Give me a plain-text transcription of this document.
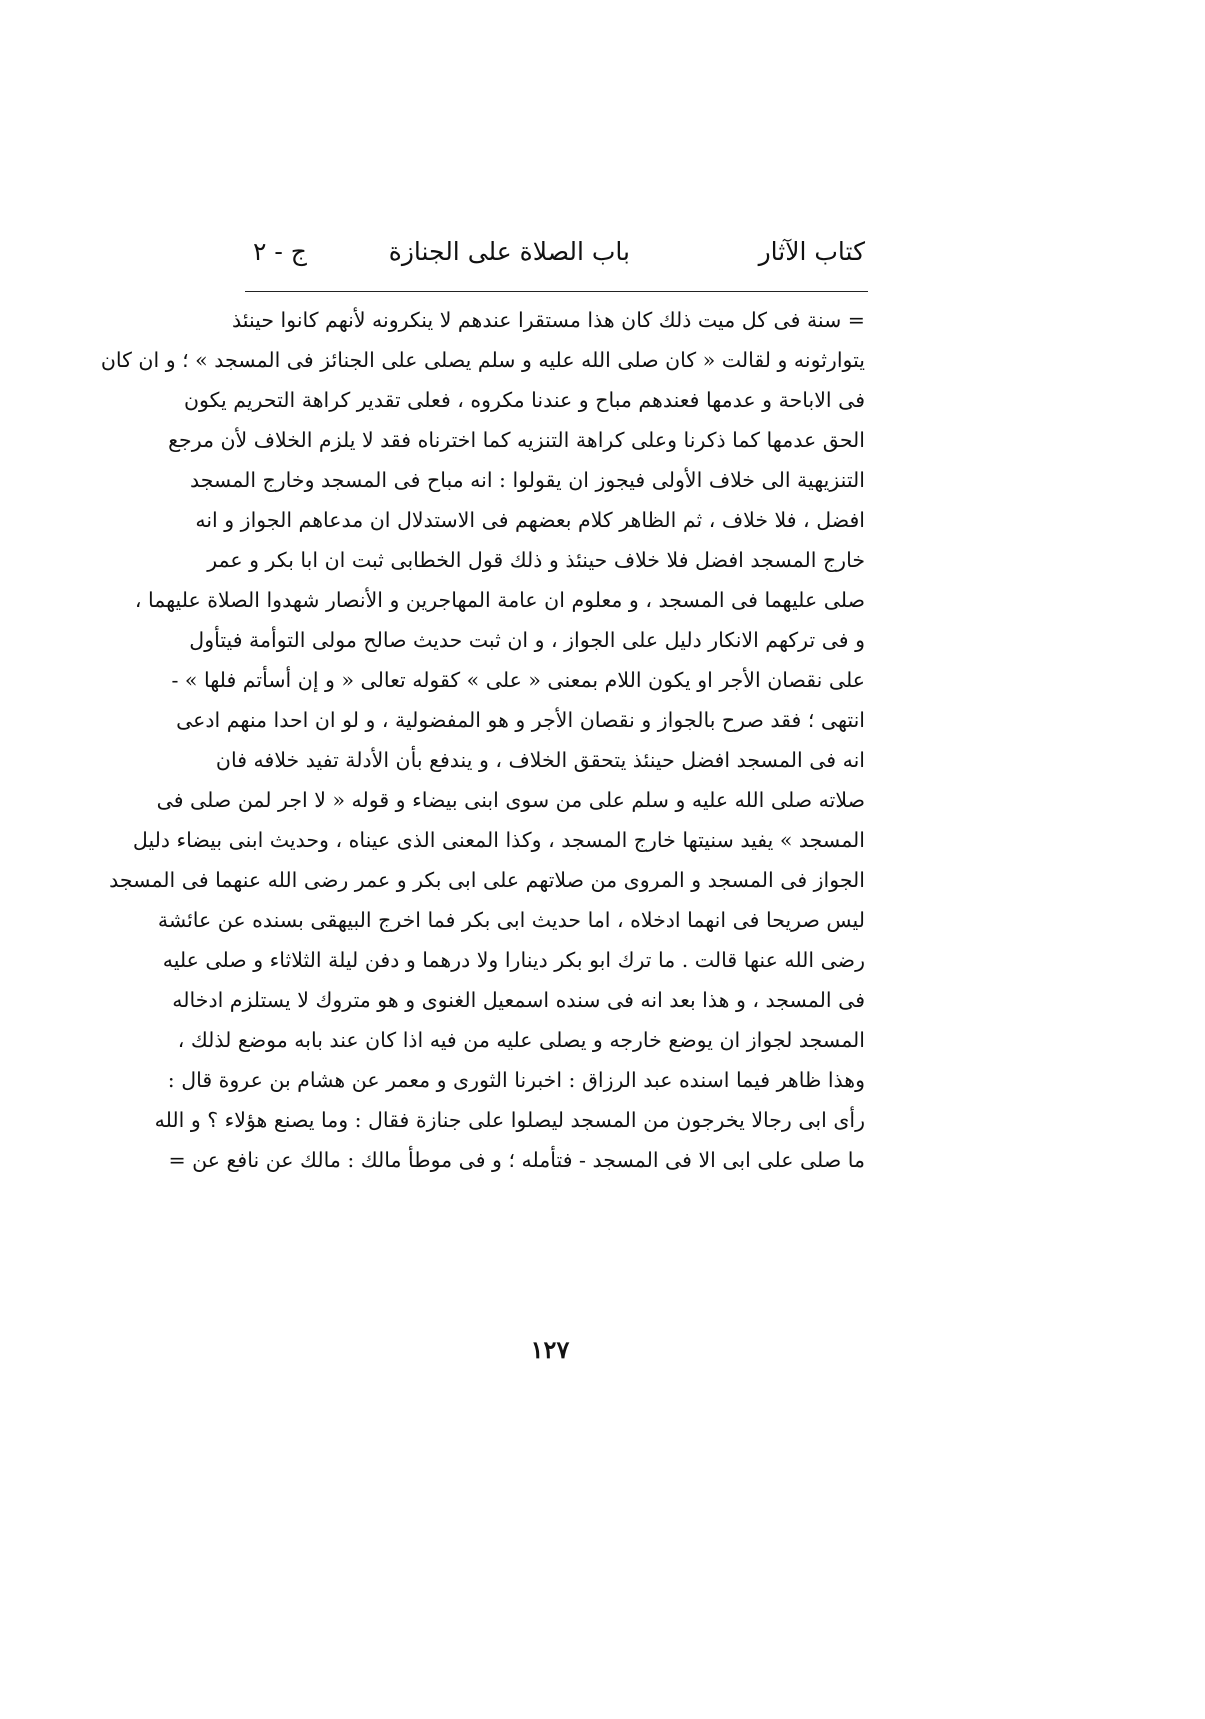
كتاب الآثار
باب الصلاة على الجنازة
ج - ٢
= سنة فى كل ميت ذلك كان هذا مستقرا عندهم لا ينكرونه لأنهم كانوا حينئذ
يتوارثونه و لقالت « كان صلى الله عليه و سلم يصلى على الجنائز فى المسجد » ؛ و ان كان
فى الاباحة و عدمها فعندهم مباح و عندنا مكروه ، فعلى تقدير كراهة التحريم يكون
الحق عدمها كما ذكرنا وعلى كراهة التنزيه كما اخترناه فقد لا يلزم الخلاف لأن مرجع
التنزيهية الى خلاف الأولى فيجوز ان يقولوا : انه مباح فى المسجد وخارج المسجد
افضل ، فلا خلاف ، ثم الظاهر كلام بعضهم فى الاستدلال ان مدعاهم الجواز و انه
خارج المسجد افضل فلا خلاف حينئذ و ذلك قول الخطابى ثبت ان ابا بكر و عمر
صلى عليهما فى المسجد ، و معلوم ان عامة المهاجرين و الأنصار شهدوا الصلاة عليهما ،
و فى تركهم الانكار دليل على الجواز ، و ان ثبت حديث صالح مولى التوأمة فيتأول
على نقصان الأجر او يكون اللام بمعنى « على » كقوله تعالى « و إن أسأتم فلها » -
انتهى ؛ فقد صرح بالجواز و نقصان الأجر و هو المفضولية ، و لو ان احدا منهم ادعى
انه فى المسجد افضل حينئذ يتحقق الخلاف ، و يندفع بأن الأدلة تفيد خلافه فان
صلاته صلى الله عليه و سلم على من سوى ابنى بيضاء و قوله « لا اجر لمن صلى فى
المسجد » يفيد سنيتها خارج المسجد ، وكذا المعنى الذى عيناه ، وحديث ابنى بيضاء دليل
الجواز فى المسجد و المروى من صلاتهم على ابى بكر و عمر رضى الله عنهما فى المسجد
ليس صريحا فى انهما ادخلاه ، اما حديث ابى بكر فما اخرج البيهقى بسنده عن عائشة
رضى الله عنها قالت . ما ترك ابو بكر دينارا ولا درهما و دفن ليلة الثلاثاء و صلى عليه
فى المسجد ، و هذا بعد انه فى سنده اسمعيل الغنوى و هو متروك لا يستلزم ادخاله
المسجد لجواز ان يوضع خارجه و يصلى عليه من فيه اذا كان عند بابه موضع لذلك ،
وهذا ظاهر فيما اسنده عبد الرزاق : اخبرنا الثورى و معمر عن هشام بن عروة قال :
رأى ابى رجالا يخرجون من المسجد ليصلوا على جنازة فقال : وما يصنع هؤلاء ؟ و الله
ما صلى على ابى الا فى المسجد - فتأمله ؛ و فى موطأ مالك : مالك عن نافع عن =
١٢٧
